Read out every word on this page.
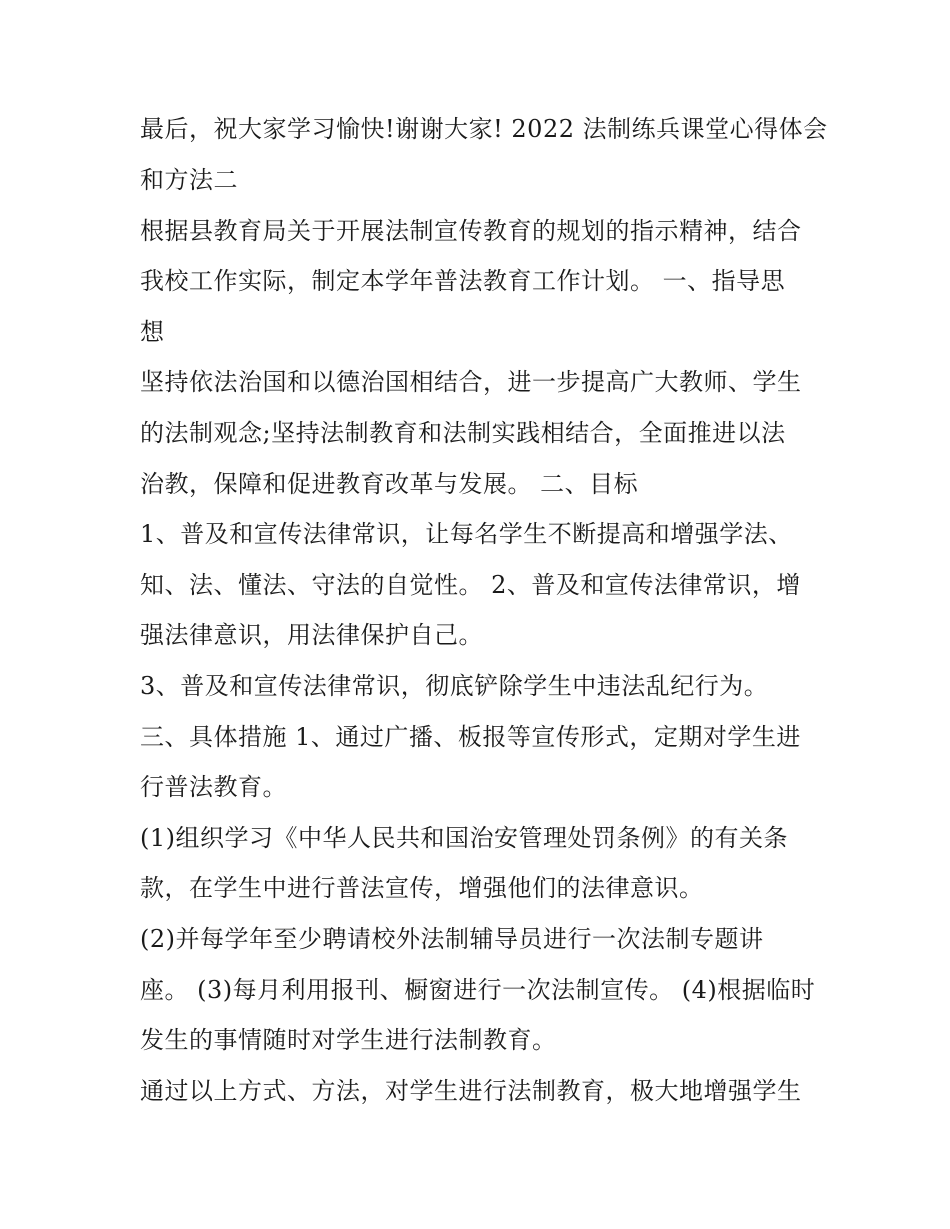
最后，祝大家学习愉快!谢谢大家! 2022 法制练兵课堂心得体会
和方法二
根据县教育局关于开展法制宣传教育的规划的指示精神，结合
我校工作实际，制定本学年普法教育工作计划。 一、指导思
想
坚持依法治国和以德治国相结合，进一步提高广大教师、学生
的法制观念;坚持法制教育和法制实践相结合，全面推进以法
治教，保障和促进教育改革与发展。 二、目标
1、普及和宣传法律常识，让每名学生不断提高和增强学法、
知、法、懂法、守法的自觉性。 2、普及和宣传法律常识，增
强法律意识，用法律保护自己。
3、普及和宣传法律常识，彻底铲除学生中违法乱纪行为。
三、具体措施 1、通过广播、板报等宣传形式，定期对学生进
行普法教育。
(1)组织学习《中华人民共和国治安管理处罚条例》的有关条
款，在学生中进行普法宣传，增强他们的法律意识。
(2)并每学年至少聘请校外法制辅导员进行一次法制专题讲
座。 (3)每月利用报刊、橱窗进行一次法制宣传。 (4)根据临时
发生的事情随时对学生进行法制教育。
通过以上方式、方法，对学生进行法制教育，极大地增强学生
